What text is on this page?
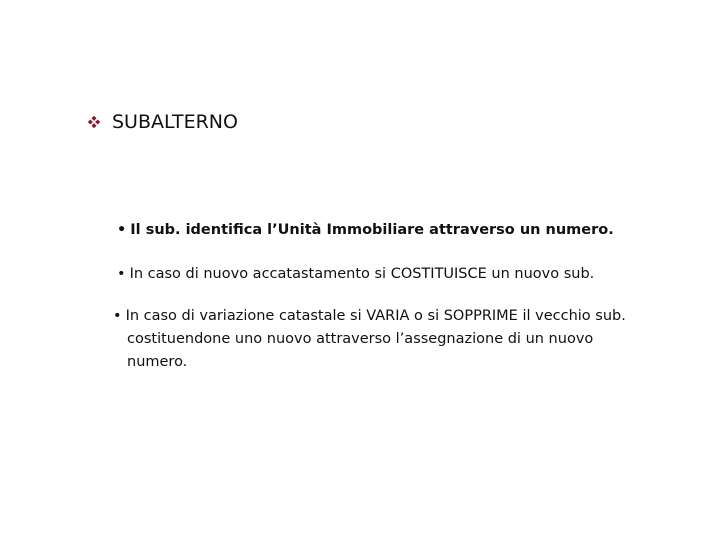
SUBALTERNO
• Il sub. identifica l’Unità Immobiliare attraverso un numero.
• In caso di nuovo accatastamento si COSTITUISCE un nuovo sub.
• In caso di variazione catastale si VARIA o si SOPPRIME il vecchio sub.
costituendone uno nuovo attraverso l’assegnazione di un nuovo
numero.
